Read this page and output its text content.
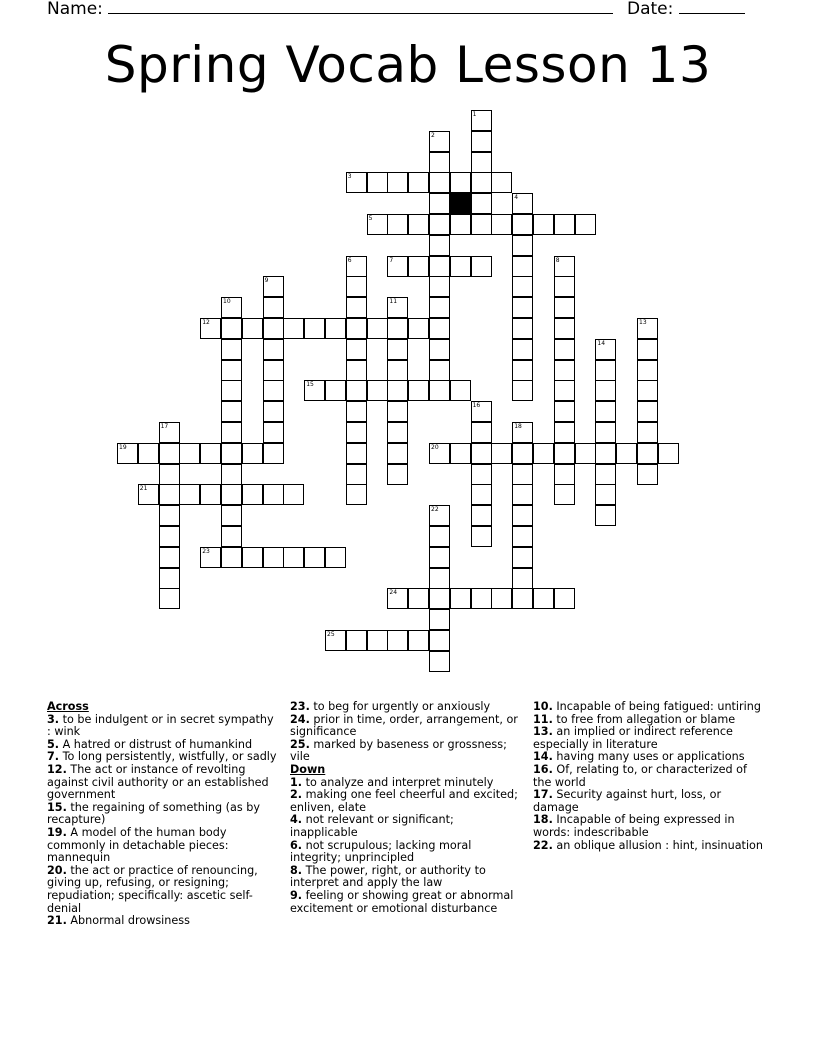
Name:	Date:
Spring Vocab Lesson 13
3
5
7
12
15
19	20
21
23
24
25
1
2
4
6	8
9
10	11
13
14
16
17	18
22
Across
3. to be indulgent or in secret sympathy : wink
5. A hatred or distrust of humankind
7. To long persistently, wistfully, or sadly
12. The act or instance of revolting against civil authority or an established government
15. the regaining of something (as by recapture)
19. A model of the human body commonly in detachable pieces: mannequin
20. the act or practice of renouncing, giving up, refusing, or resigning; repudiation; specifically: ascetic self-denial
21. Abnormal drowsiness
23. to beg for urgently or anxiously
24. prior in time, order, arrangement, or significance
25. marked by baseness or grossness; vile
Down
1. to analyze and interpret minutely
2. making one feel cheerful and excited; enliven, elate
4. not relevant or significant; inapplicable
6. not scrupulous; lacking moral integrity; unprincipled
8. The power, right, or authority to interpret and apply the law
9. feeling or showing great or abnormal excitement or emotional disturbance
10. Incapable of being fatigued: untiring
11. to free from allegation or blame
13. an implied or indirect reference especially in literature
14. having many uses or applications
16. Of, relating to, or characterized of the world
17. Security against hurt, loss, or damage
18. Incapable of being expressed in words: indescribable
22. an oblique allusion : hint, insinuation
